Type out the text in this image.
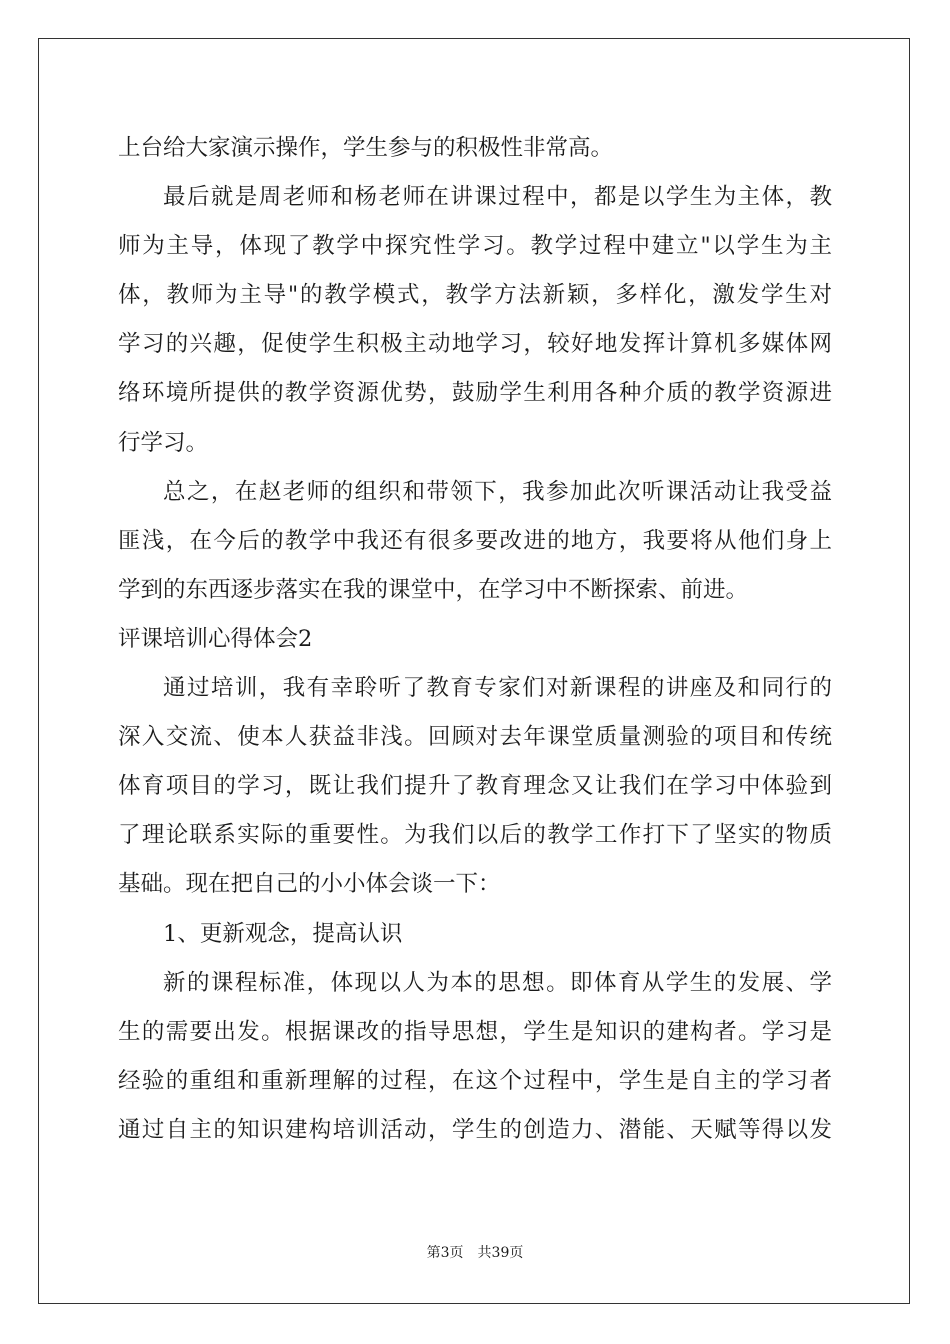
上台给大家演示操作，学生参与的积极性非常高。
最后就是周老师和杨老师在讲课过程中，都是以学生为主体，教
师为主导，体现了教学中探究性学习。教学过程中建立"以学生为主
体，教师为主导"的教学模式，教学方法新颖，多样化，激发学生对
学习的兴趣，促使学生积极主动地学习，较好地发挥计算机多媒体网
络环境所提供的教学资源优势，鼓励学生利用各种介质的教学资源进
行学习。
总之，在赵老师的组织和带领下，我参加此次听课活动让我受益
匪浅，在今后的教学中我还有很多要改进的地方，我要将从他们身上
学到的东西逐步落实在我的课堂中，在学习中不断探索、前进。
评课培训心得体会2
通过培训，我有幸聆听了教育专家们对新课程的讲座及和同行的
深入交流、使本人获益非浅。回顾对去年课堂质量测验的项目和传统
体育项目的学习，既让我们提升了教育理念又让我们在学习中体验到
了理论联系实际的重要性。为我们以后的教学工作打下了坚实的物质
基础。现在把自己的小小体会谈一下：
1、更新观念，提高认识
新的课程标准，体现以人为本的思想。即体育从学生的发展、学
生的需要出发。根据课改的指导思想，学生是知识的建构者。学习是
经验的重组和重新理解的过程，在这个过程中，学生是自主的学习者
通过自主的知识建构培训活动，学生的创造力、潜能、天赋等得以发
第3页 共39页
